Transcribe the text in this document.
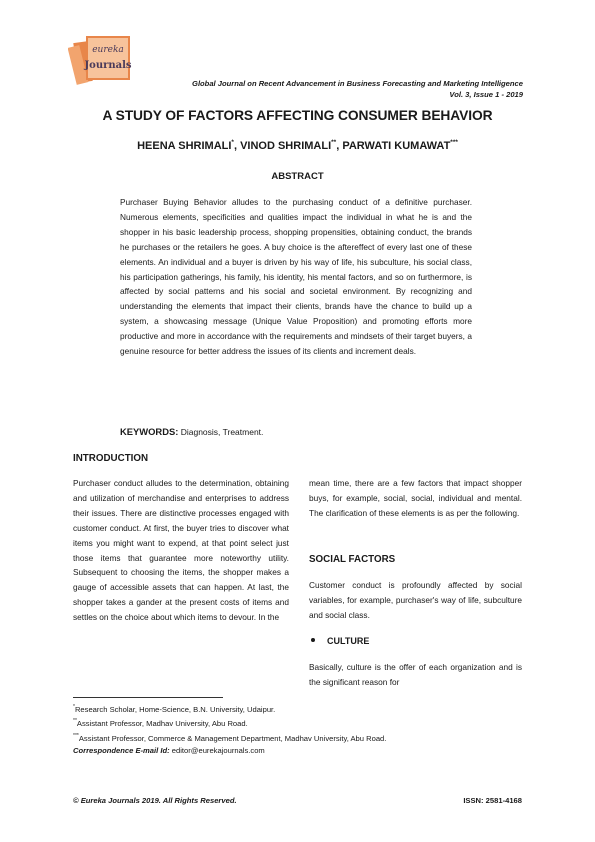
eureka
Journals
Global Journal on Recent Advancement in Business Forecasting and Marketing Intelligence
Vol. 3, Issue 1 - 2019
A STUDY OF FACTORS AFFECTING CONSUMER BEHAVIOR
HEENA SHRIMALI*, VINOD SHRIMALI**, PARWATI KUMAWAT***
ABSTRACT

Purchaser Buying Behavior alludes to the purchasing conduct of a definitive purchaser. Numerous elements, specificities and qualities impact the individual in what he is and the shopper in his basic leadership process, shopping propensities, obtaining conduct, the brands he purchases or the retailers he goes. A buy choice is the aftereffect of every last one of these elements. An individual and a buyer is driven by his way of life, his subculture, his social class, his participation gatherings, his family, his identity, his mental factors, and so on furthermore, is affected by social patterns and his social and societal environment. By recognizing and understanding the elements that impact their clients, brands have the chance to build up a system, a showcasing message (Unique Value Proposition) and promoting efforts more productive and more in accordance with the requirements and mindsets of their target buyers, a genuine resource for better address the issues of its clients and increment deals.

KEYWORDS: Diagnosis, Treatment.
INTRODUCTION

Purchaser conduct alludes to the determination, obtaining and utilization of merchandise and enterprises to address their issues. There are distinctive processes engaged with customer conduct. At first, the buyer tries to discover what items you might want to expend, at that point select just those items that guarantee more noteworthy utility. Subsequent to choosing the items, the shopper makes a gauge of accessible assets that can happen. At last, the shopper takes a gander at the present costs of items and settles on the choice about which items to devour. In the

mean time, there are a few factors that impact shopper buys, for example, social, social, individual and mental. The clarification of these elements is as per the following.

SOCIAL FACTORS

Customer conduct is profoundly affected by social variables, for example, purchaser's way of life, subculture and social class.

CULTURE

Basically, culture is the offer of each organization and is the significant reason for

*Research Scholar, Home-Science, B.N. University, Udaipur.
**Assistant Professor, Madhav University, Abu Road.
***Assistant Professor, Commerce & Management Department, Madhav University, Abu Road.
Correspondence E-mail Id: editor@eurekajournals.com
© Eureka Journals 2019. All Rights Reserved.	ISSN: 2581-4168
